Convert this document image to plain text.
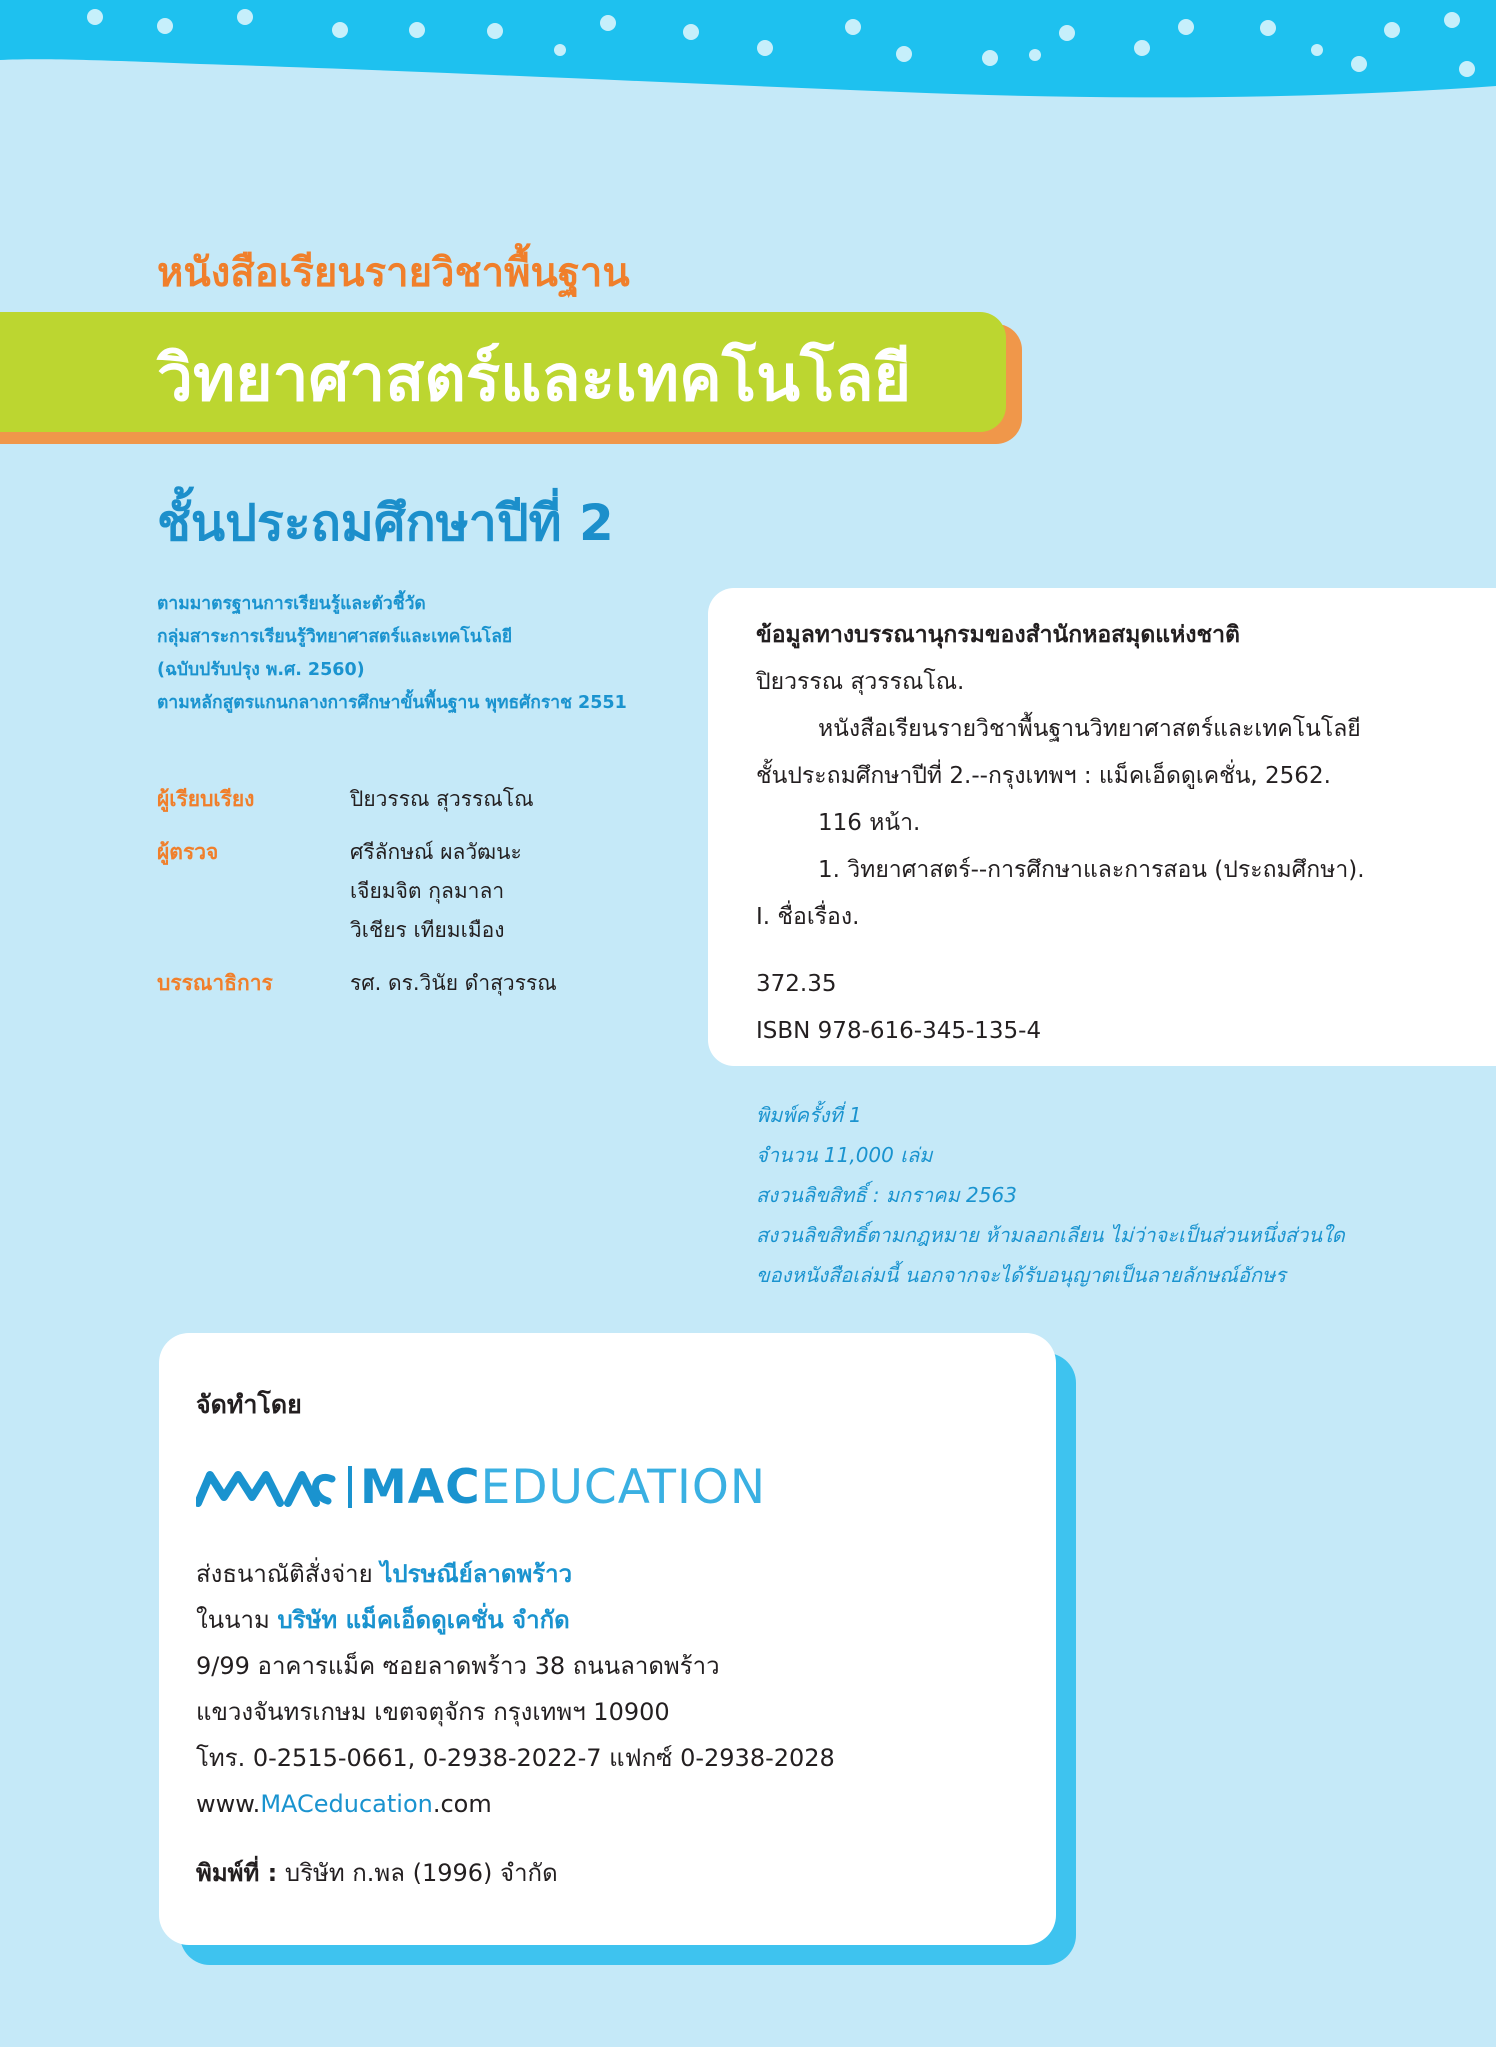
หนังสือเรียนรายวิชาพื้นฐาน
วิทยาศาสตร์และเทคโนโลยี
ชั้นประถมศึกษาปีที่ 2
ตามมาตรฐานการเรียนรู้และตัวชี้วัด
กลุ่มสาระการเรียนรู้วิทยาศาสตร์และเทคโนโลยี
(ฉบับปรับปรุง พ.ศ. 2560)
ตามหลักสูตรแกนกลางการศึกษาขั้นพื้นฐาน พุทธศักราช 2551
ผู้เรียบเรียง	ปิยวรรณ สุวรรณโณ
ผู้ตรวจ	ศรีลักษณ์ ผลวัฒนะ
เจียมจิต กุลมาลา
วิเชียร เทียมเมือง
บรรณาธิการ	รศ. ดร.วินัย ดำสุวรรณ
ข้อมูลทางบรรณานุกรมของสำนักหอสมุดแห่งชาติ
ปิยวรรณ สุวรรณโณ.
หนังสือเรียนรายวิชาพื้นฐานวิทยาศาสตร์และเทคโนโลยี
ชั้นประถมศึกษาปีที่ 2.--กรุงเทพฯ : แม็คเอ็ดดูเคชั่น, 2562.
116 หน้า.
1. วิทยาศาสตร์--การศึกษาและการสอน (ประถมศึกษา).
I. ชื่อเรื่อง.
372.35
ISBN 978-616-345-135-4
พิมพ์ครั้งที่ 1
จำนวน 11,000 เล่ม
สงวนลิขสิทธิ์ : มกราคม 2563
สงวนลิขสิทธิ์ตามกฎหมาย ห้ามลอกเลียน ไม่ว่าจะเป็นส่วนหนึ่งส่วนใด
ของหนังสือเล่มนี้ นอกจากจะได้รับอนุญาตเป็นลายลักษณ์อักษร
จัดทำโดย
MACEDUCATION
ส่งธนาณัติสั่งจ่าย ไปรษณีย์ลาดพร้าว
ในนาม บริษัท แม็คเอ็ดดูเคชั่น จำกัด
9/99 อาคารแม็ค ซอยลาดพร้าว 38 ถนนลาดพร้าว
แขวงจันทรเกษม เขตจตุจักร กรุงเทพฯ 10900
โทร. 0-2515-0661, 0-2938-2022-7 แฟกซ์ 0-2938-2028
www.MACeducation.com
พิมพ์ที่ : บริษัท ก.พล (1996) จำกัด
